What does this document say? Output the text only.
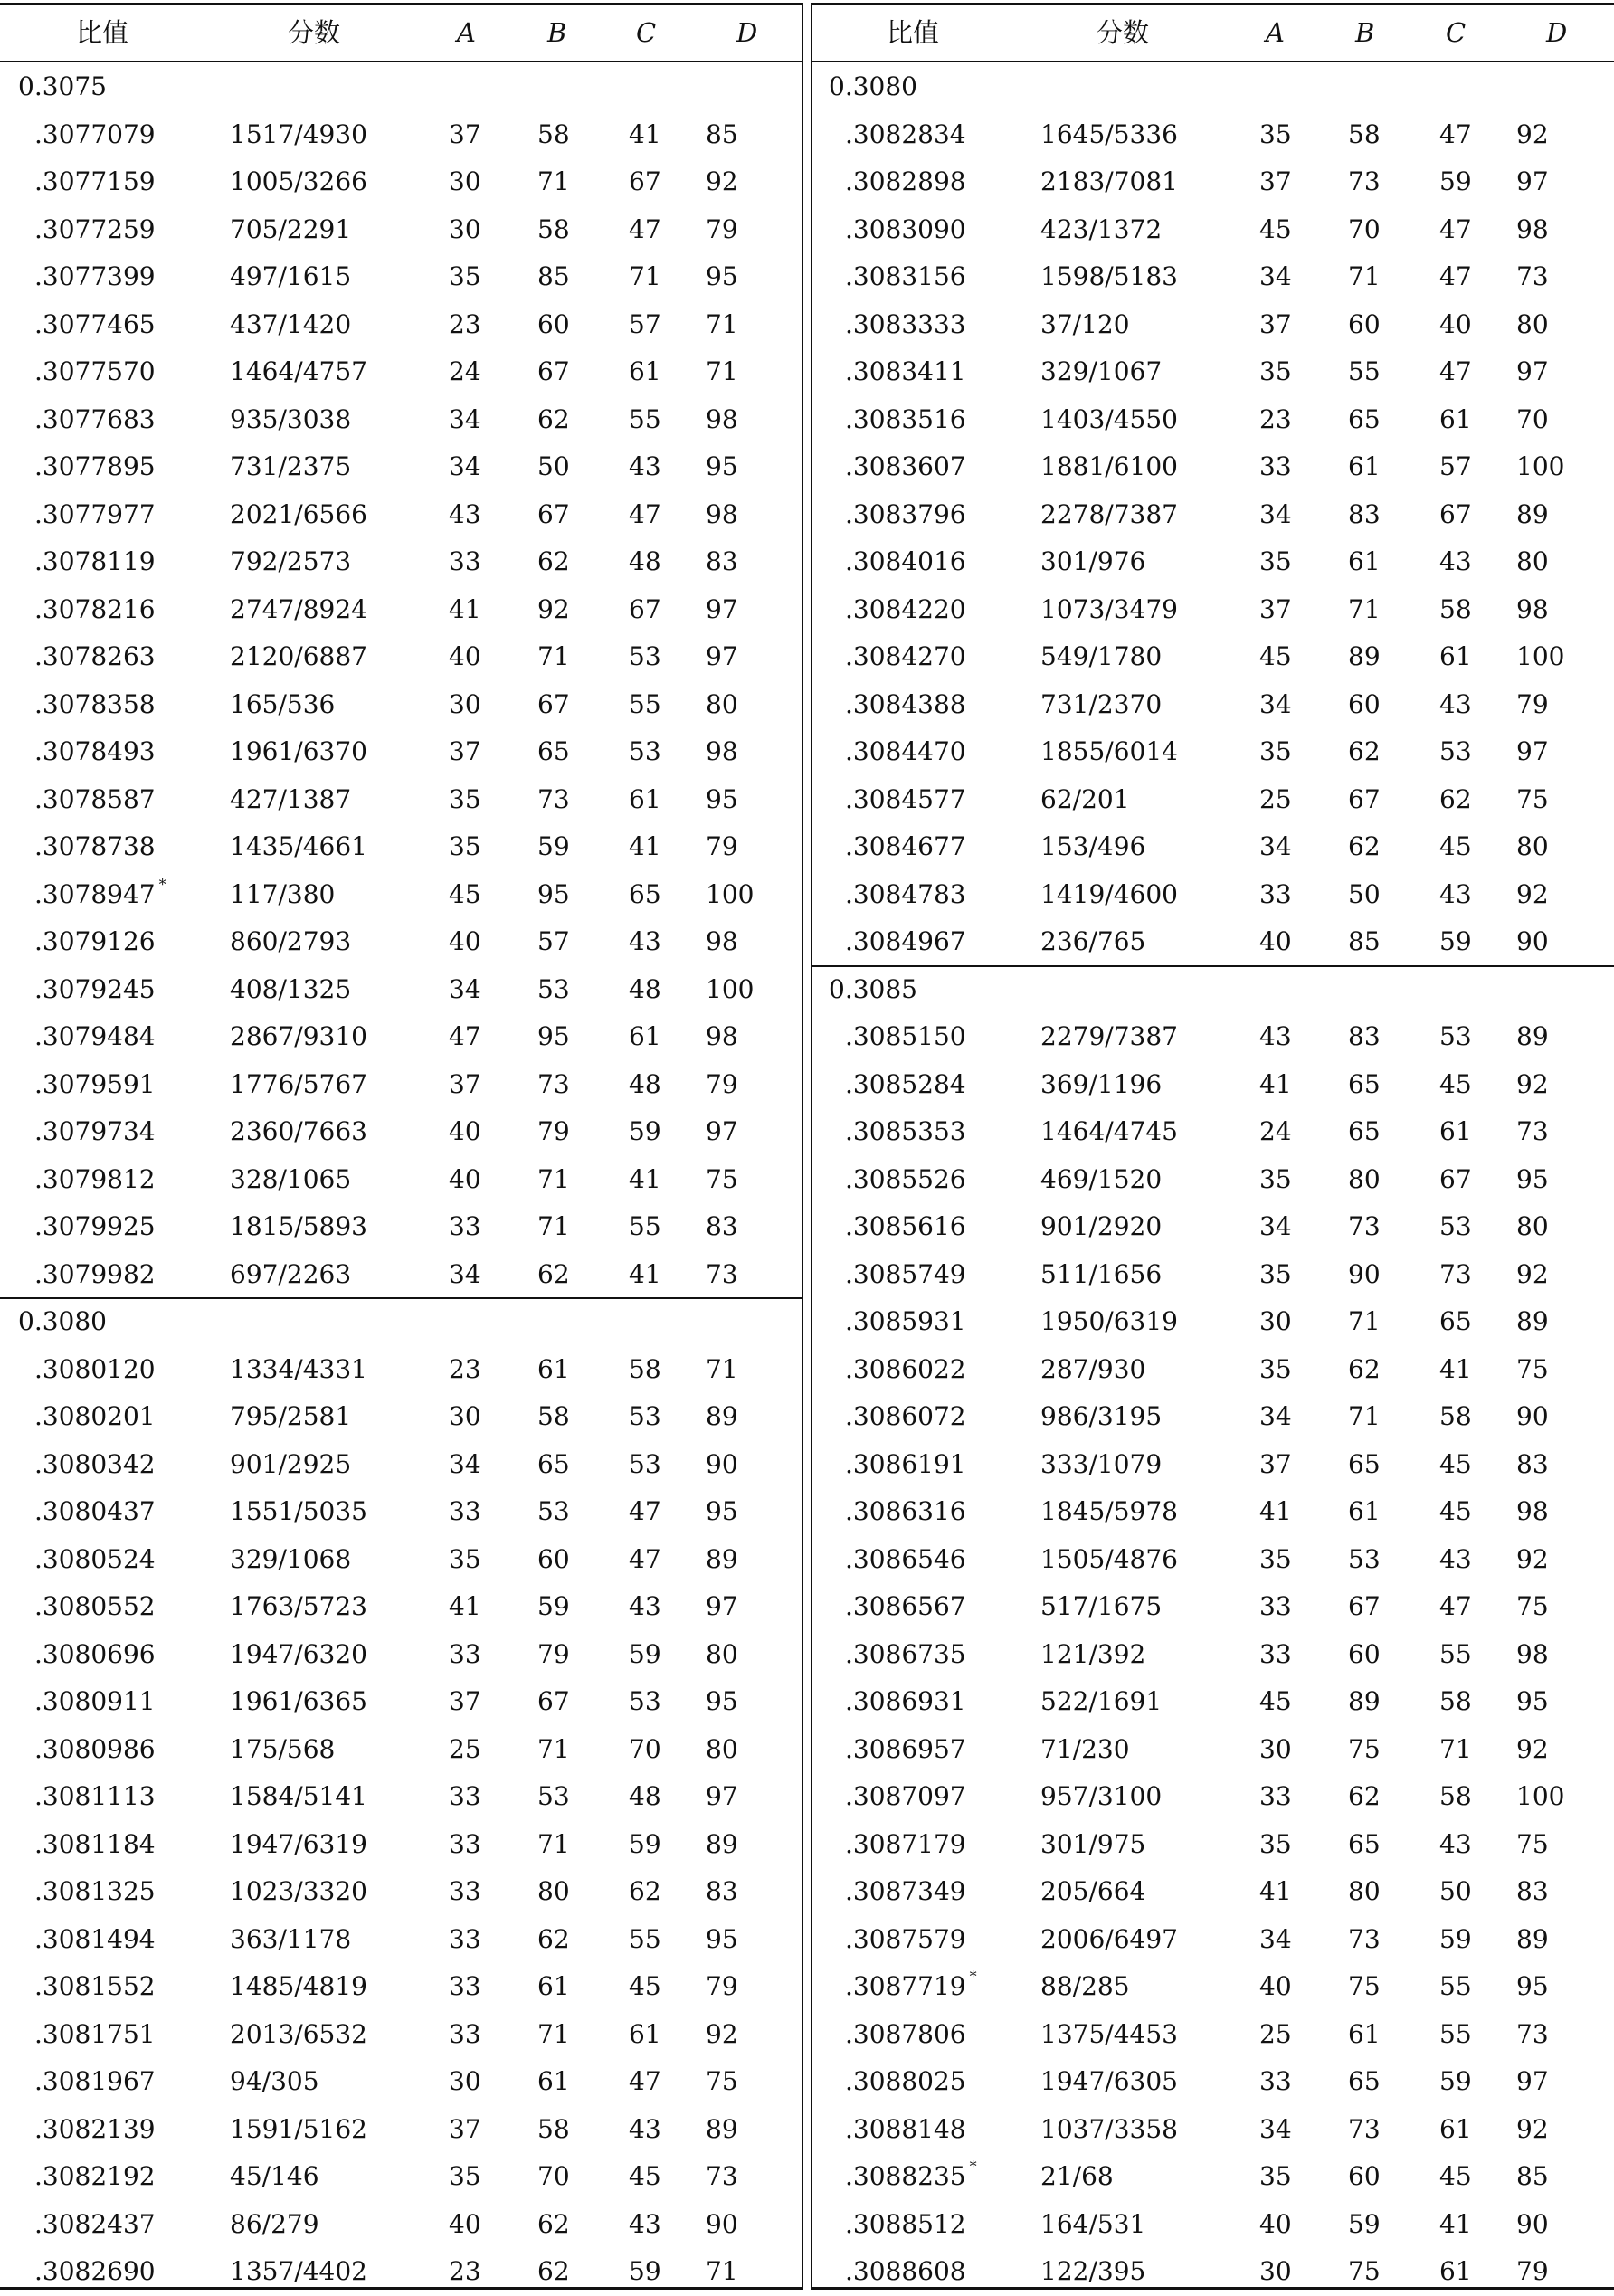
比值	分数	A	B	C	D
0.3075
.3077079	1517/4930	37 58 41 85
.3077159	1005/3266	30 71 67 92
.3077259	705/2291	30 58 47 79
.3077399	497/1615	35 85 71 95
.3077465	437/1420	23 60 57 71
.3077570	1464/4757	24 67 61 71
.3077683	935/3038	34 62 55 98
.3077895	731/2375	34 50 43 95
.3077977	2021/6566	43 67 47 98
.3078119	792/2573	33 62 48 83
.3078216	2747/8924	41 92 67 97
.3078263	2120/6887	40 71 53 97
.3078358	165/536	30 67 55 80
.3078493	1961/6370	37 65 53 98
.3078587	427/1387	35 73 61 95
.3078738	1435/4661	35 59 41 79
.3078947 *	117/380	45 95 65 100
.3079126	860/2793	40 57 43 98
.3079245	408/1325	34 53 48 100
.3079484	2867/9310	47 95 61 98
.3079591	1776/5767	37 73 48 79
.3079734	2360/7663	40 79 59 97
.3079812	328/1065	40 71 41 75
.3079925	1815/5893	33 71 55 83
.3079982	697/2263	34 62 41 73
0.3080
.3080120	1334/4331	23 61 58 71
.3080201	795/2581	30 58 53 89
.3080342	901/2925	34 65 53 90
.3080437	1551/5035	33 53 47 95
.3080524	329/1068	35 60 47 89
.3080552	1763/5723	41 59 43 97
.3080696	1947/6320	33 79 59 80
.3080911	1961/6365	37 67 53 95
.3080986	175/568	25 71 70 80
.3081113	1584/5141	33 53 48 97
.3081184	1947/6319	33 71 59 89
.3081325	1023/3320	33 80 62 83
.3081494	363/1178	33 62 55 95
.3081552	1485/4819	33 61 45 79
.3081751	2013/6532	33 71 61 92
.3081967	94/305	30 61 47 75
.3082139	1591/5162	37 58 43 89
.3082192	45/146	35 70 45 73
.3082437	86/279	40 62 43 90
.3082690	1357/4402	23 62 59 71
比值	分数	A	B	C	D
0.3080
.3082834	1645/5336	35 58 47 92
.3082898	2183/7081	37 73 59 97
.3083090	423/1372	45 70 47 98
.3083156	1598/5183	34 71 47 73
.3083333	37/120	37 60 40 80
.3083411	329/1067	35 55 47 97
.3083516	1403/4550	23 65 61 70
.3083607	1881/6100	33 61 57 100
.3083796	2278/7387	34 83 67 89
.3084016	301/976	35 61 43 80
.3084220	1073/3479	37 71 58 98
.3084270	549/1780	45 89 61 100
.3084388	731/2370	34 60 43 79
.3084470	1855/6014	35 62 53 97
.3084577	62/201	25 67 62 75
.3084677	153/496	34 62 45 80
.3084783	1419/4600	33 50 43 92
.3084967	236/765	40 85 59 90
0.3085
.3085150	2279/7387	43 83 53 89
.3085284	369/1196	41 65 45 92
.3085353	1464/4745	24 65 61 73
.3085526	469/1520	35 80 67 95
.3085616	901/2920	34 73 53 80
.3085749	511/1656	35 90 73 92
.3085931	1950/6319	30 71 65 89
.3086022	287/930	35 62 41 75
.3086072	986/3195	34 71 58 90
.3086191	333/1079	37 65 45 83
.3086316	1845/5978	41 61 45 98
.3086546	1505/4876	35 53 43 92
.3086567	517/1675	33 67 47 75
.3086735	121/392	33 60 55 98
.3086931	522/1691	45 89 58 95
.3086957	71/230	30 75 71 92
.3087097	957/3100	33 62 58 100
.3087179	301/975	35 65 43 75
.3087349	205/664	41 80 50 83
.3087579	2006/6497	34 73 59 89
.3087719 *	88/285	40 75 55 95
.3087806	1375/4453	25 61 55 73
.3088025	1947/6305	33 65 59 97
.3088148	1037/3358	34 73 61 92
.3088235 *	21/68	35 60 45 85
.3088512	164/531	40 59 41 90
.3088608	122/395	30 75 61 79
